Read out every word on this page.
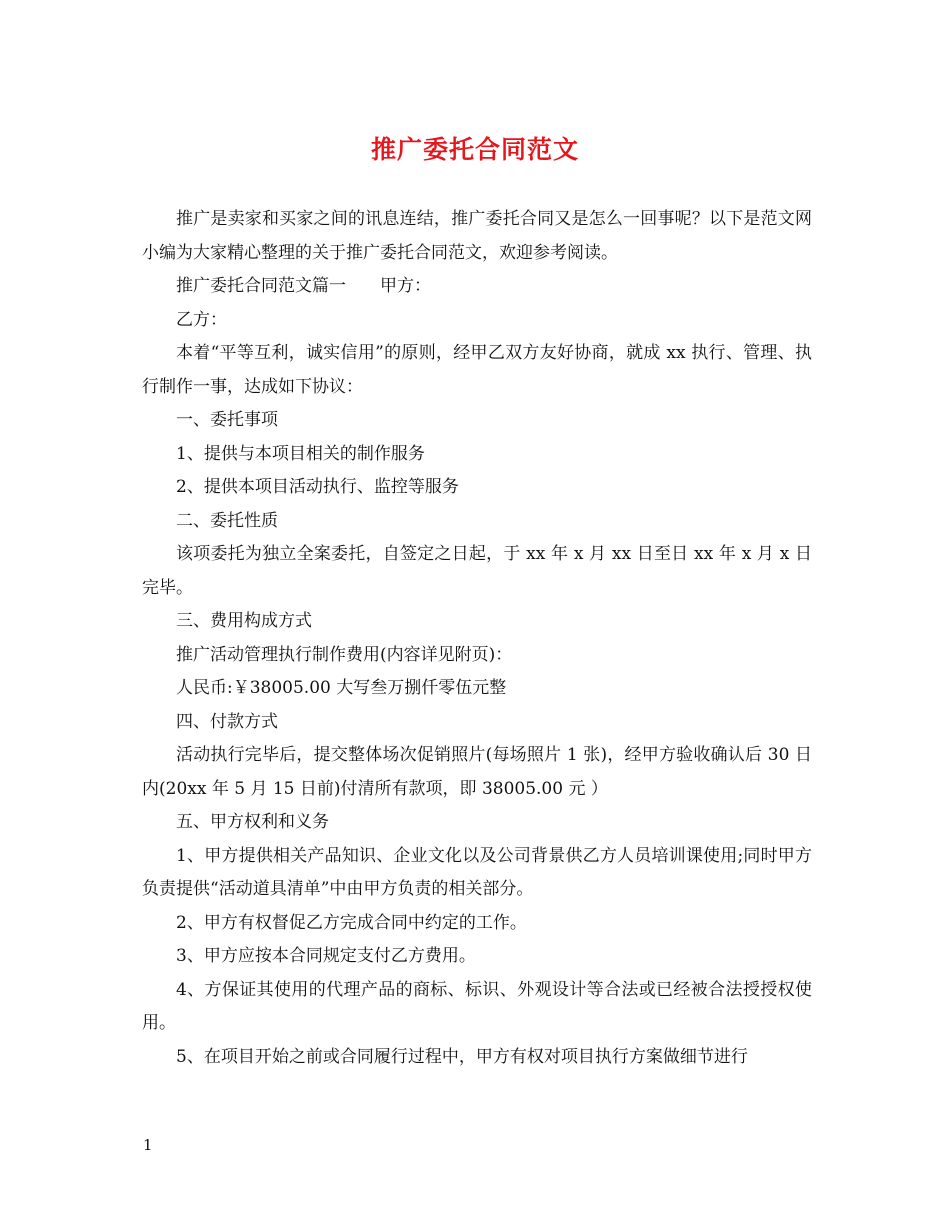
推广委托合同范文

推广是卖家和买家之间的讯息连结，推广委托合同又是怎么一回事呢？以下是范文网小编为大家精心整理的关于推广委托合同范文，欢迎参考阅读。

推广委托合同范文篇一　　甲方：

乙方：

本着“平等互利，诚实信用”的原则，经甲乙双方友好协商，就成 xx 执行、管理、执行制作一事，达成如下协议：

一、委托事项

1、提供与本项目相关的制作服务

2、提供本项目活动执行、监控等服务

二、委托性质

该项委托为独立全案委托，自签定之日起，于 xx 年 x 月 xx 日至日 xx 年 x 月 x 日完毕。

三、费用构成方式

推广活动管理执行制作费用(内容详见附页)：

人民币:￥38005.00 大写叁万捌仟零伍元整

四、付款方式

活动执行完毕后，提交整体场次促销照片(每场照片 1 张)，经甲方验收确认后 30 日内(20xx 年 5 月 15 日前)付清所有款项，即 38005.00 元 ）

五、甲方权利和义务

1、甲方提供相关产品知识、企业文化以及公司背景供乙方人员培训课使用;同时甲方负责提供“活动道具清单”中由甲方负责的相关部分。

2、甲方有权督促乙方完成合同中约定的工作。

3、甲方应按本合同规定支付乙方费用。

4、方保证其使用的代理产品的商标、标识、外观设计等合法或已经被合法授授权使用。

5、在项目开始之前或合同履行过程中，甲方有权对项目执行方案做细节进行

1
